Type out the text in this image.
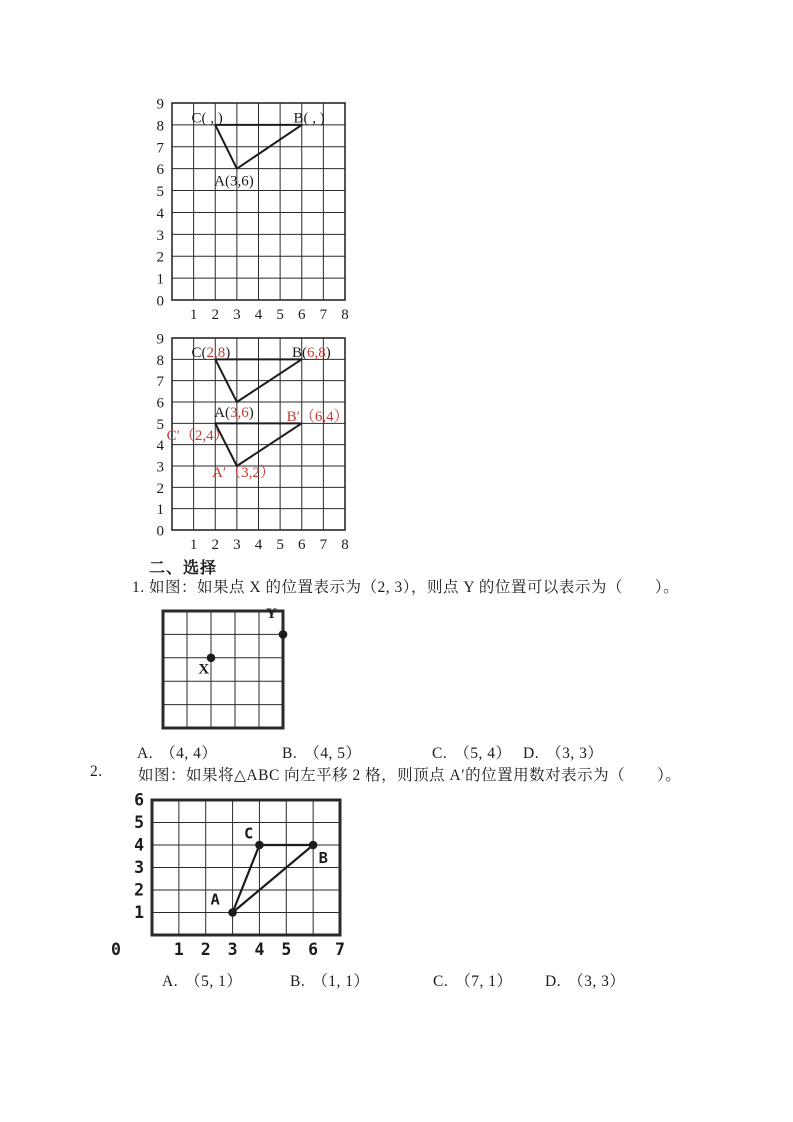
1 2 3 4 5 6 7 8
9
8
7
6
5
4
3
2
1
0
C( , )	B( , )
A(3,6)
1 2 3 4 5 6 7 8
9
8
7
6
5
4
3
2
1
0
C(2,8)	B(6,8)
A(3,6) B′（6,4）
C′（2,4）
A′（3,2）
二、选择
1. 如图：如果点 X 的位置表示为（2, 3），则点 Y 的位置可以表示为（　　）。
X
Y
A. （4, 4）	B. （4, 5）	C. （5, 4） D. （3, 3）
2. 如图：如果将△ABC 向左平移 2 格，则顶点 A′的位置用数对表示为（　　）。
1 2 3 4 5 6 7
6
5
4
3
2
1
0
A
B
C
A. （5, 1）	B. （1, 1）	C. （7, 1） D. （3, 3）
